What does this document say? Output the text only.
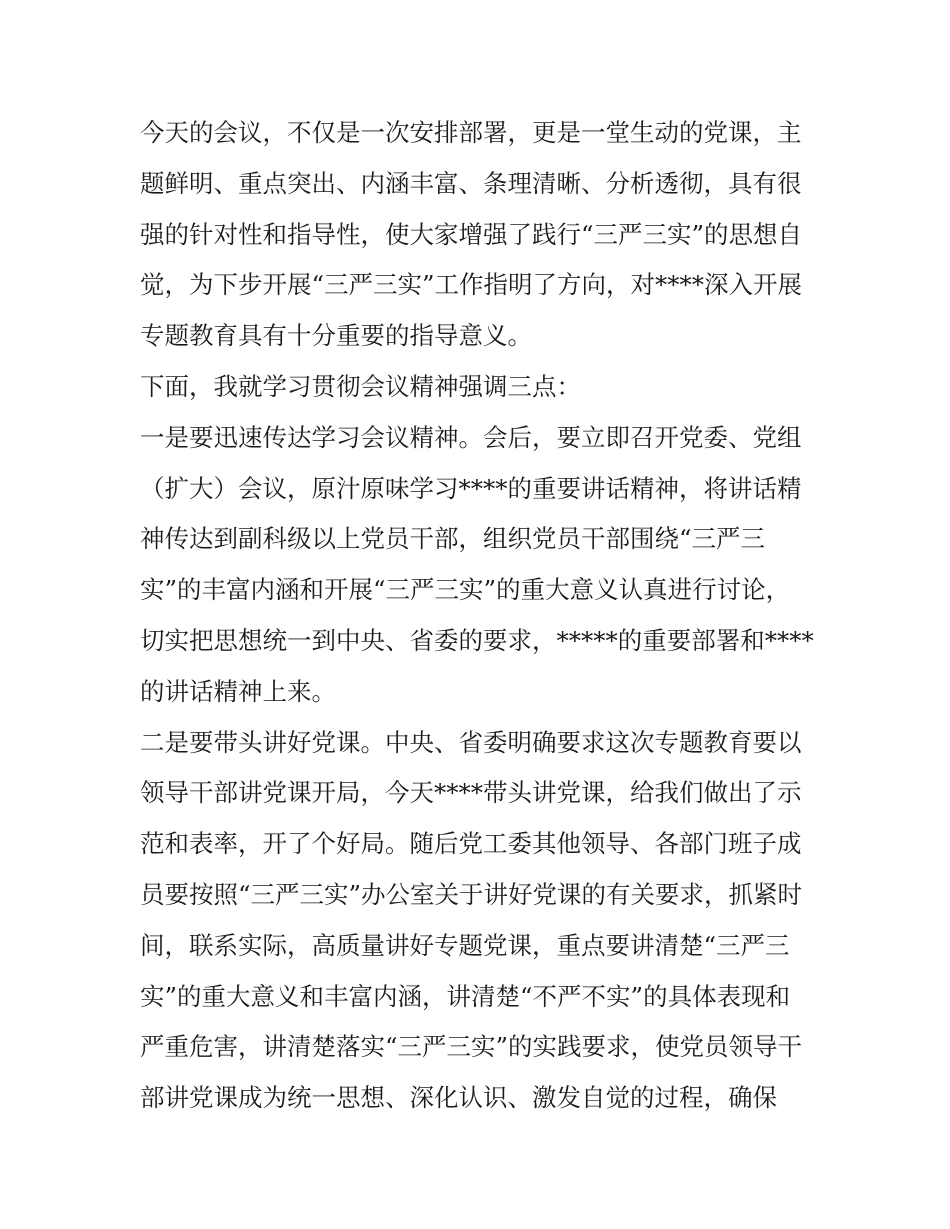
今天的会议，不仅是一次安排部署，更是一堂生动的党课，主
题鲜明、重点突出、内涵丰富、条理清晰、分析透彻，具有很
强的针对性和指导性，使大家增强了践行“三严三实”的思想自
觉，为下步开展“三严三实”工作指明了方向，对****深入开展
专题教育具有十分重要的指导意义。
下面，我就学习贯彻会议精神强调三点：
一是要迅速传达学习会议精神。会后，要立即召开党委、党组
（扩大）会议，原汁原味学习****的重要讲话精神，将讲话精
神传达到副科级以上党员干部，组织党员干部围绕“三严三
实”的丰富内涵和开展“三严三实”的重大意义认真进行讨论，
切实把思想统一到中央、省委的要求，*****的重要部署和****
的讲话精神上来。
二是要带头讲好党课。中央、省委明确要求这次专题教育要以
领导干部讲党课开局，今天****带头讲党课，给我们做出了示
范和表率，开了个好局。随后党工委其他领导、各部门班子成
员要按照“三严三实”办公室关于讲好党课的有关要求，抓紧时
间，联系实际，高质量讲好专题党课，重点要讲清楚“三严三
实”的重大意义和丰富内涵，讲清楚“不严不实”的具体表现和
严重危害，讲清楚落实“三严三实”的实践要求，使党员领导干
部讲党课成为统一思想、深化认识、激发自觉的过程，确保
